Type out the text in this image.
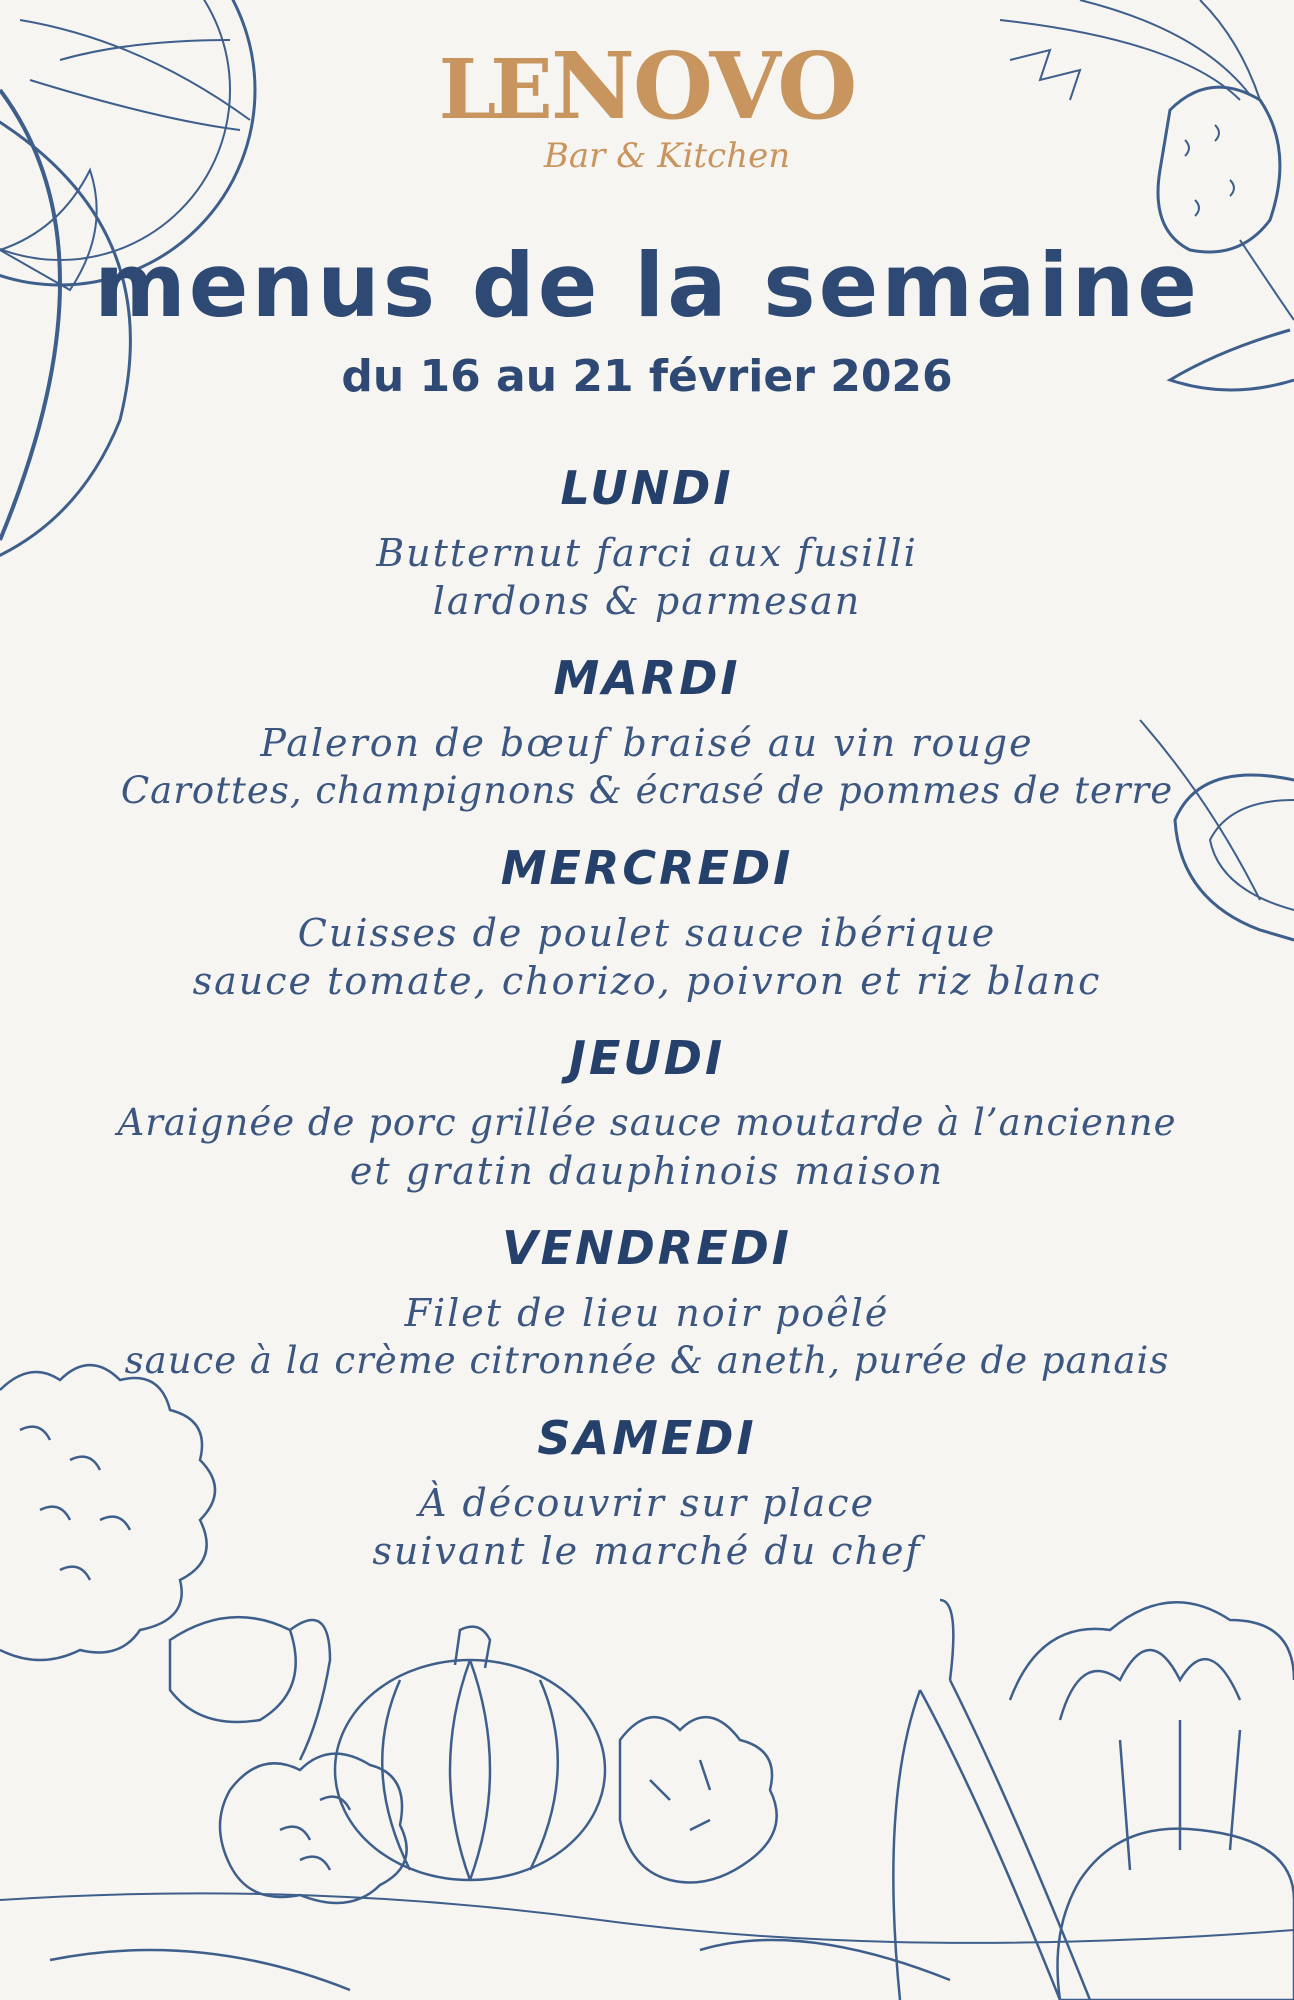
LENOVO
Bar & Kitchen
menus de la semaine
du 16 au 21 février 2026
LUNDI
Butternut farci aux fusilli
lardons & parmesan
MARDI
Paleron de bœuf braisé au vin rouge
Carottes, champignons & écrasé de pommes de terre
MERCREDI
Cuisses de poulet sauce ibérique
sauce tomate, chorizo, poivron et riz blanc
JEUDI
Araignée de porc grillée sauce moutarde à l’ancienne
et gratin dauphinois maison
VENDREDI
Filet de lieu noir poêlé
sauce à la crème citronnée & aneth, purée de panais
SAMEDI
À découvrir sur place
suivant le marché du chef
